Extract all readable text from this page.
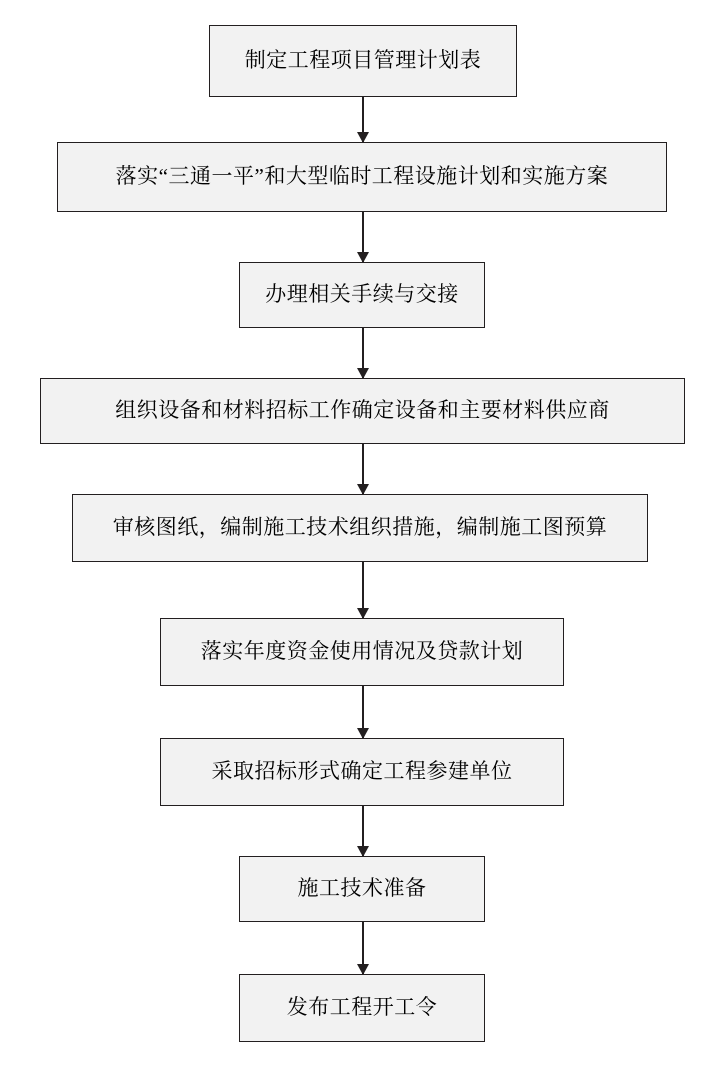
制定工程项目管理计划表
落实“三通一平”和大型临时工程设施计划和实施方案
办理相关手续与交接
组织设备和材料招标工作确定设备和主要材料供应商
审核图纸，编制施工技术组织措施，编制施工图预算
落实年度资金使用情况及贷款计划
采取招标形式确定工程参建单位
施工技术准备
发布工程开工令
